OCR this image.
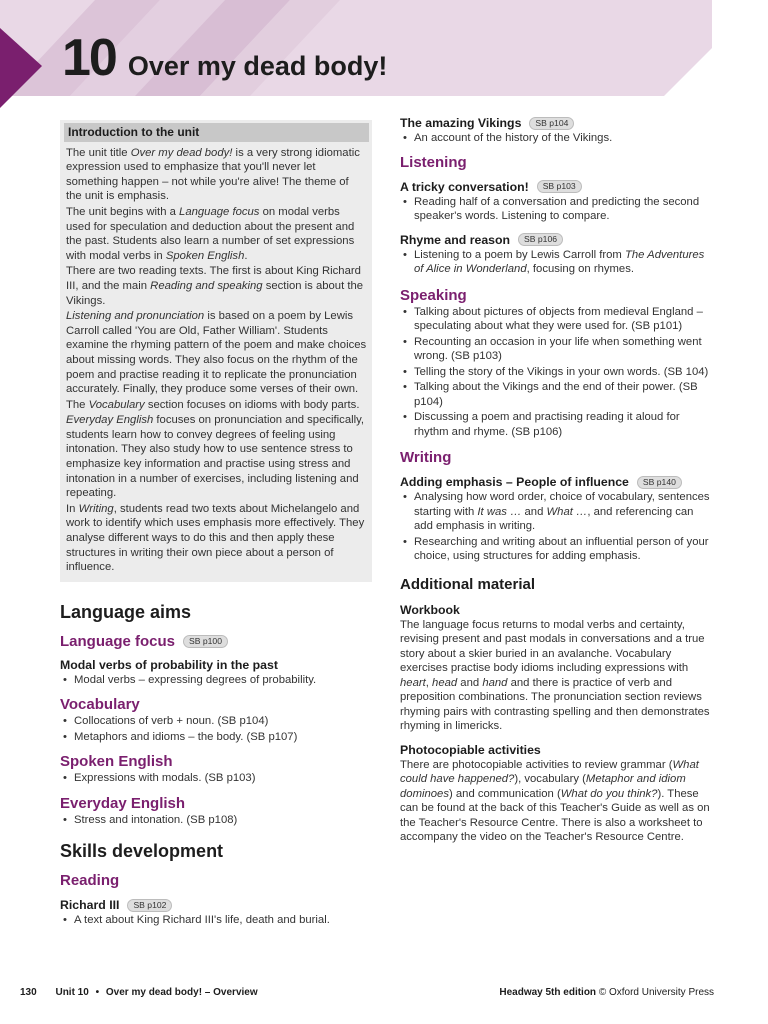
10 Over my dead body!
Introduction to the unit

The unit title Over my dead body! is a very strong idiomatic expression used to emphasize that you'll never let something happen – not while you're alive! The theme of the unit is emphasis.

The unit begins with a Language focus on modal verbs used for speculation and deduction about the present and the past. Students also learn a number of set expressions with modal verbs in Spoken English.

There are two reading texts. The first is about King Richard III, and the main Reading and speaking section is about the Vikings.

Listening and pronunciation is based on a poem by Lewis Carroll called 'You are Old, Father William'. Students examine the rhyming pattern of the poem and make choices about missing words. They also focus on the rhythm of the poem and practise reading it to replicate the pronunciation accurately. Finally, they produce some verses of their own.

The Vocabulary section focuses on idioms with body parts.

Everyday English focuses on pronunciation and specifically, students learn how to convey degrees of feeling using intonation. They also study how to use sentence stress to emphasize key information and practise using stress and intonation in a number of exercises, including listening and repeating.

In Writing, students read two texts about Michelangelo and work to identify which uses emphasis more effectively. They analyse different ways to do this and then apply these structures in writing their own piece about a person of influence.

Language aims
Language focus	SB p100
Modal verbs of probability in the past
• Modal verbs – expressing degrees of probability.
Vocabulary
• Collocations of verb + noun. (SB p104)
• Metaphors and idioms – the body. (SB p107)
Spoken English
• Expressions with modals. (SB p103)
Everyday English
• Stress and intonation. (SB p108)
Skills development
Reading
Richard III	SB p102
• A text about King Richard III's life, death and burial.
The amazing Vikings	SB p104
• An account of the history of the Vikings.
Listening
A tricky conversation!	SB p103
• Reading half of a conversation and predicting the second speaker's words. Listening to compare.
Rhyme and reason	SB p106
• Listening to a poem by Lewis Carroll from The Adventures of Alice in Wonderland, focusing on rhymes.
Speaking
• Talking about pictures of objects from medieval England – speculating about what they were used for. (SB p101)
• Recounting an occasion in your life when something went wrong. (SB p103)
• Telling the story of the Vikings in your own words. (SB 104)
• Talking about the Vikings and the end of their power. (SB p104)
• Discussing a poem and practising reading it aloud for rhythm and rhyme. (SB p106)
Writing
Adding emphasis – People of influence	SB p140
• Analysing how word order, choice of vocabulary, sentences starting with It was … and What …, and referencing can add emphasis in writing.
• Researching and writing about an influential person of your choice, using structures for adding emphasis.
Additional material
Workbook

The language focus returns to modal verbs and certainty, revising present and past modals in conversations and a true story about a skier buried in an avalanche. Vocabulary exercises practise body idioms including expressions with heart, head and hand and there is practice of verb and preposition combinations. The pronunciation section reviews rhyming pairs with contrasting spelling and then demonstrates rhyming in limericks.

Photocopiable activities

There are photocopiable activities to review grammar (What could have happened?), vocabulary (Metaphor and idiom dominoes) and communication (What do you think?). These can be found at the back of this Teacher's Guide as well as on the Teacher's Resource Centre. There is also a worksheet to accompany the video on the Teacher's Resource Centre.

130 Unit 10 • Over my dead body! – Overview	Headway 5th edition © Oxford University Press
